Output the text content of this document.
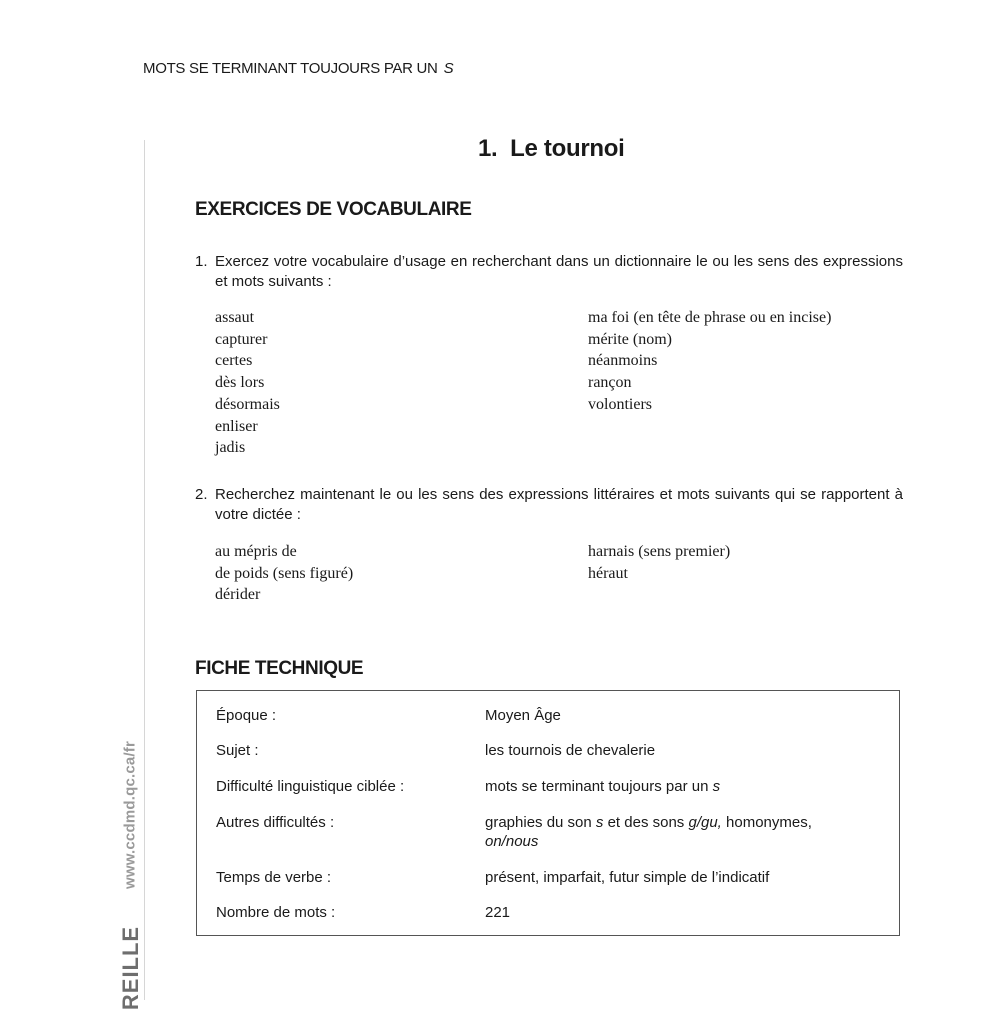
MOTS SE TERMINANT TOUJOURS PAR UN S
www.ccdmd.qc.ca/fr
REILLE
1.  Le tournoi
EXERCICES DE VOCABULAIRE
1. Exercez votre vocabulaire d’usage en recherchant dans un dictionnaire le ou les sens des expressions et mots suivants :
assaut
capturer
certes
dès lors
désormais
enliser
jadis
ma foi (en tête de phrase ou en incise)
mérite (nom)
néanmoins
rançon
volontiers
2. Recherchez maintenant le ou les sens des expressions littéraires et mots suivants qui se rapportent à votre dictée :
au mépris de
de poids (sens figuré)
dérider
harnais (sens premier)
héraut
FICHE TECHNIQUE
Époque :	Moyen Âge
Sujet :	les tournois de chevalerie
Difficulté linguistique ciblée :	mots se terminant toujours par un s
Autres difficultés :	graphies du son s et des sons g/gu, homonymes,
on/nous
Temps de verbe :	présent, imparfait, futur simple de l’indicatif
Nombre de mots :	221
